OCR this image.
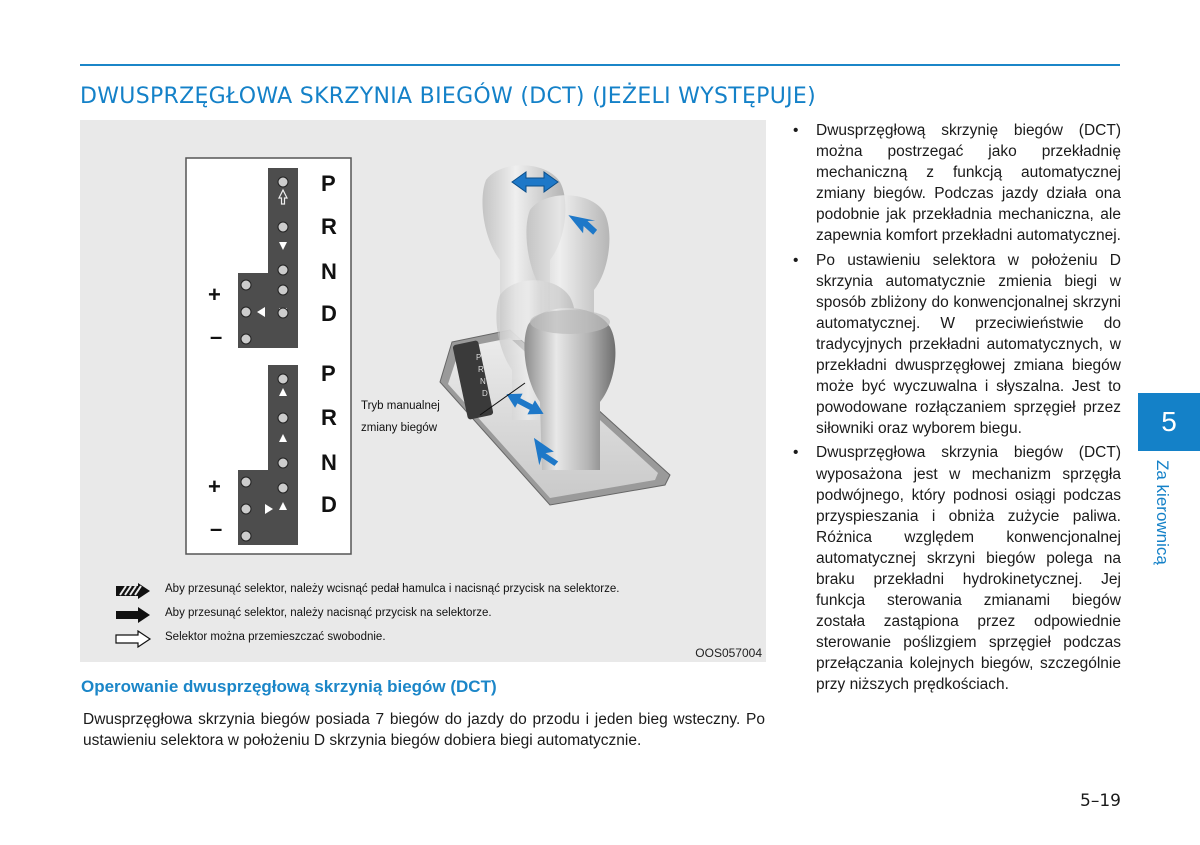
DWUSPRZĘGŁOWA SKRZYNIA BIEGÓW (DCT) (JEŻELI WYSTĘPUJE)
P
R
N
D
P
R
N
D
+
–
+
–
P
R
N
D
Tryb manualnej
zmiany biegów
Aby przesunąć selektor, należy wcisnąć pedał hamulca i nacisnąć przycisk na selektorze.
Aby przesunąć selektor, należy nacisnąć przycisk na selektorze.
Selektor można przemieszczać swobodnie.
OOS057004
Operowanie dwusprzęgłową skrzynią biegów (DCT)
Dwusprzęgłowa skrzynia biegów posiada 7 biegów do jazdy do przodu i jeden bieg wsteczny. Po ustawieniu selektora w położeniu D skrzynia biegów dobiera biegi automatycznie.
• Dwusprzęgłową skrzynię biegów (DCT) można postrzegać jako przekładnię mechaniczną z funkcją automatycznej zmiany biegów. Podczas jazdy działa ona podobnie jak przekładnia mechaniczna, ale zapewnia komfort przekładni automatycznej.
• Po ustawieniu selektora w położeniu D skrzynia automatycznie zmienia biegi w sposób zbliżony do konwencjonalnej skrzyni automatycznej. W przeciwieństwie do tradycyjnych przekładni automatycznych, w przekładni dwusprzęgłowej zmiana biegów może być wyczuwalna i słyszalna. Jest to powodowane rozłączaniem sprzęgieł przez siłowniki oraz wyborem biegu.
• Dwusprzęgłowa skrzynia biegów (DCT) wyposażona jest w mechanizm sprzęgła podwójnego, który podnosi osiągi podczas przyspieszania i obniża zużycie paliwa. Różnica względem konwencjonalnej automatycznej skrzyni biegów polega na braku przekładni hydrokinetycznej. Jej funkcja sterowania zmianami biegów została zastąpiona przez odpowiednie sterowanie poślizgiem sprzęgieł podczas przełączania kolejnych biegów, szczególnie przy niższych prędkościach.
5
Za kierownicą
5–19
